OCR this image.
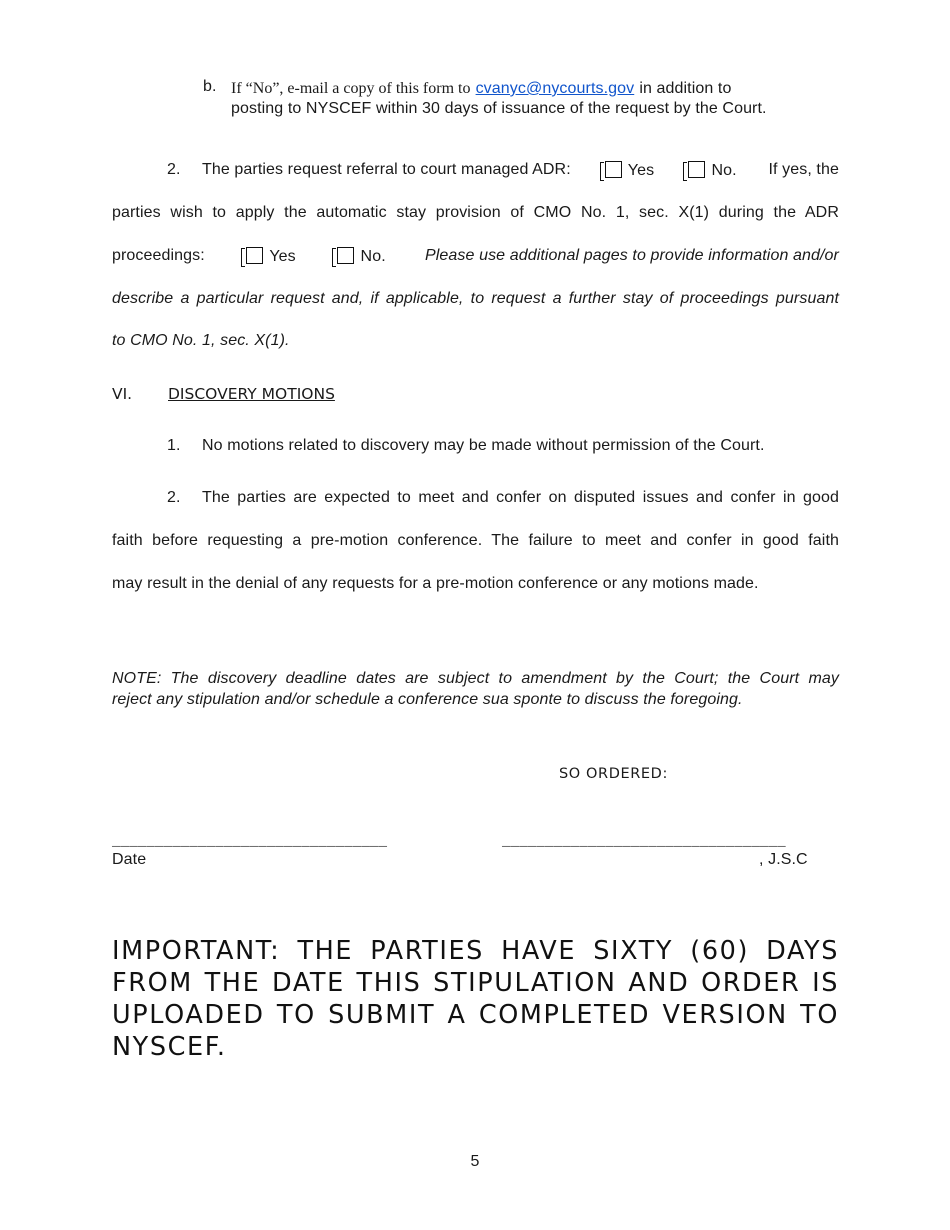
b. If “No”, e-mail a copy of this form to cvanyc@nycourts.gov in addition to
posting to NYSCEF within 30 days of issuance of the request by the Court.
2. The parties request referral to court managed ADR:	Yes	No. If yes, the
parties wish to apply the automatic stay provision of CMO No. 1, sec. X(1) during the ADR
proceedings:	Yes	No. Please use additional pages to provide information and/or
describe a particular request and, if applicable, to request a further stay of proceedings pursuant
to CMO No. 1, sec. X(1).
VI. DISCOVERY MOTIONS
1. No motions related to discovery may be made without permission of the Court.
2. The parties are expected to meet and confer on disputed issues and confer in good
faith before requesting a pre-motion conference. The failure to meet and confer in good faith
may result in the denial of any requests for a pre-motion conference or any motions made.
NOTE: The discovery deadline dates are subject to amendment by the Court; the Court may
reject any stipulation and/or schedule a conference sua sponte to discuss the foregoing.
SO ORDERED:
________________________________	_________________________________
Date	, J.S.C
IMPORTANT: THE PARTIES HAVE SIXTY (60) DAYS
FROM THE DATE THIS STIPULATION AND ORDER IS
UPLOADED TO SUBMIT A COMPLETED VERSION TO
NYSCEF.
5
